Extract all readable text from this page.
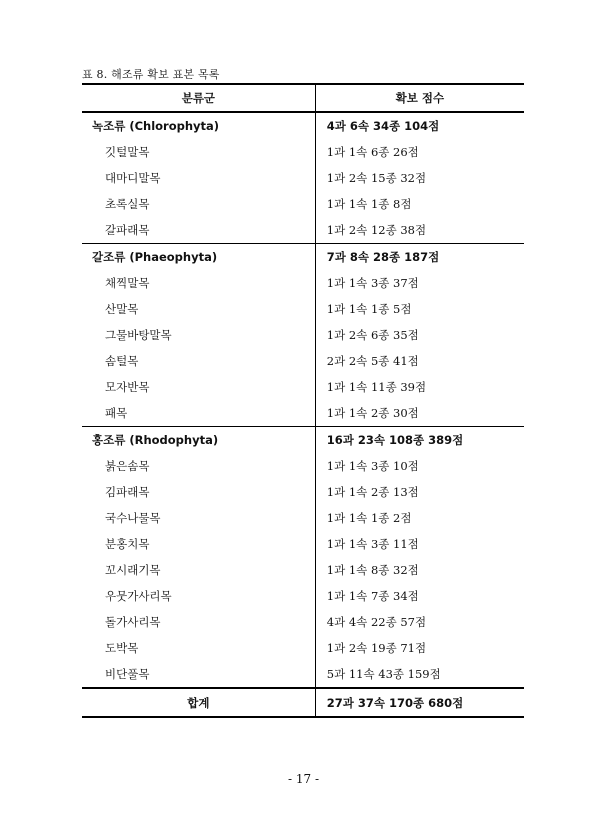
표 8. 해조류 확보 표본 목록
분류군	확보 점수
녹조류 (Chlorophyta)	4과 6속 34종 104점
깃털말목	1과 1속 6종 26점
대마디말목	1과 2속 15종 32점
초록실목	1과 1속 1종 8점
갈파래목	1과 2속 12종 38점
갈조류 (Phaeophyta)	7과 8속 28종 187점
채찍말목	1과 1속 3종 37점
산말목	1과 1속 1종 5점
그물바탕말목	1과 2속 6종 35점
솜털목	2과 2속 5종 41점
모자반목	1과 1속 11종 39점
패목	1과 1속 2종 30점
홍조류 (Rhodophyta)	16과 23속 108종 389점
붉은솜목	1과 1속 3종 10점
김파래목	1과 1속 2종 13점
국수나물목	1과 1속 1종 2점
분홍치목	1과 1속 3종 11점
꼬시래기목	1과 1속 8종 32점
우뭇가사리목	1과 1속 7종 34점
돌가사리목	4과 4속 22종 57점
도박목	1과 2속 19종 71점
비단풀목	5과 11속 43종 159점
합계	27과 37속 170종 680점
- 17 -
